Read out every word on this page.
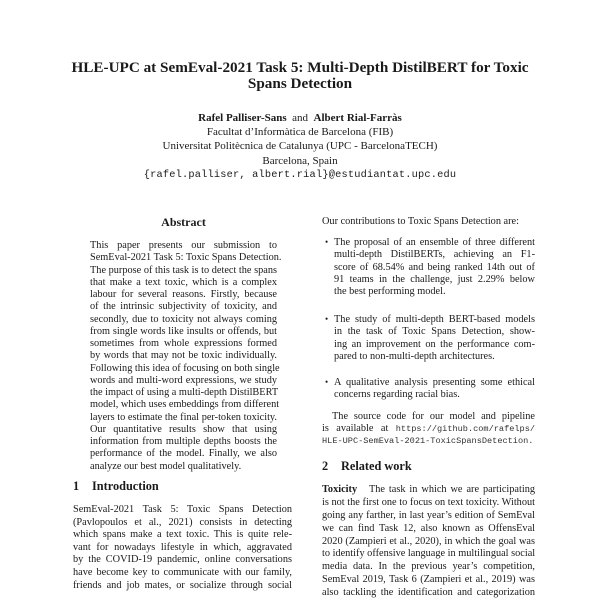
HLE-UPC at SemEval-2021 Task 5: Multi-Depth DistilBERT for Toxic
Spans Detection
Rafel Palliser-Sans and Albert Rial-Farràs
Facultat d’Informàtica de Barcelona (FIB)
Universitat Politècnica de Catalunya (UPC - BarcelonaTECH)
Barcelona, Spain
{rafel.palliser, albert.rial}@estudiantat.upc.edu
Abstract
This paper presents our submission to
SemEval-2021 Task 5: Toxic Spans Detection.
The purpose of this task is to detect the spans
that make a text toxic, which is a complex
labour for several reasons. Firstly, because
of the intrinsic subjectivity of toxicity, and
secondly, due to toxicity not always coming
from single words like insults or offends, but
sometimes from whole expressions formed
by words that may not be toxic individually.
Following this idea of focusing on both single
words and multi-word expressions, we study
the impact of using a multi-depth DistilBERT
model, which uses embeddings from different
layers to estimate the final per-token toxicity.
Our quantitative results show that using
information from multiple depths boosts the
performance of the model. Finally, we also
analyze our best model qualitatively.
1 Introduction
SemEval-2021 Task 5: Toxic Spans Detection
(Pavlopoulos et al., 2021) consists in detecting
which spans make a text toxic. This is quite rele-
vant for nowadays lifestyle in which, aggravated
by the COVID-19 pandemic, online conversations
have become key to communicate with our family,
friends and job mates, or socialize through social
Our contributions to Toxic Spans Detection are:
• The proposal of an ensemble of three different
multi-depth DistilBERTs, achieving an F1-
score of 68.54% and being ranked 14th out of
91 teams in the challenge, just 2.29% below
the best performing model.
• The study of multi-depth BERT-based models
in the task of Toxic Spans Detection, show-
ing an improvement on the performance com-
pared to non-multi-depth architectures.
• A qualitative analysis presenting some ethical
concerns regarding racial bias.
The source code for our model and pipeline
is available at https://github.com/rafelps/
HLE-UPC-SemEval-2021-ToxicSpansDetection.
2 Related work
Toxicity The task in which we are participating
is not the first one to focus on text toxicity. Without
going any farther, in last year’s edition of SemEval
we can find Task 12, also known as OffensEval
2020 (Zampieri et al., 2020), in which the goal was
to identify offensive language in multilingual social
media data. In the previous year’s competition,
SemEval 2019, Task 6 (Zampieri et al., 2019) was
also tackling the identification and categorization
